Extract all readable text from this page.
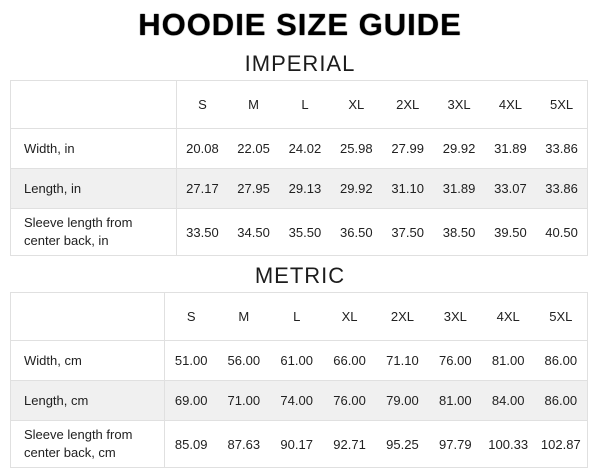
HOODIE SIZE GUIDE
IMPERIAL
	S	M	L	XL	2XL	3XL	4XL	5XL
Width, in	20.08	22.05	24.02	25.98	27.99	29.92	31.89	33.86
Length, in	27.17	27.95	29.13	29.92	31.10	31.89	33.07	33.86
Sleeve length from center back, in	33.50	34.50	35.50	36.50	37.50	38.50	39.50	40.50
METRIC
	S	M	L	XL	2XL	3XL	4XL	5XL
Width, cm	51.00	56.00	61.00	66.00	71.10	76.00	81.00	86.00
Length, cm	69.00	71.00	74.00	76.00	79.00	81.00	84.00	86.00
Sleeve length from center back, cm	85.09	87.63	90.17	92.71	95.25	97.79	100.33	102.87
